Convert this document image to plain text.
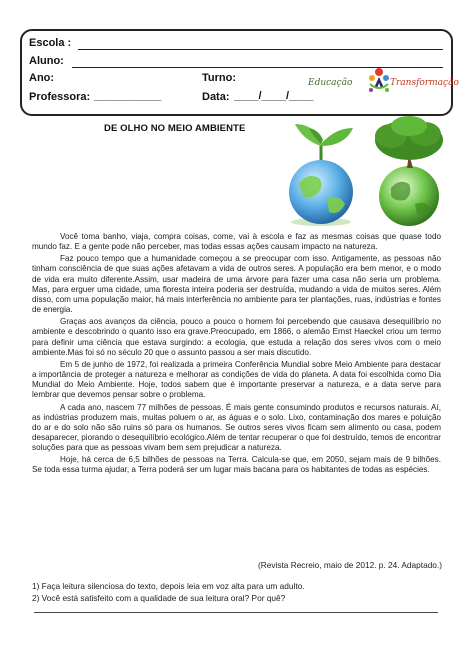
Escola :
Aluno:
Ano:	Turno:
Professora: ___________	Data: ____/____/____
Educação	Transformação
DE OLHO NO MEIO AMBIENTE

Você toma banho, viaja, compra coisas, come, vai à escola e faz as mesmas coisas que quase todo mundo faz. E a gente pode não perceber, mas todas essas ações causam impacto na natureza.

Faz pouco tempo que a humanidade começou a se preocupar com isso. Antigamente, as pessoas não tinham consciência de que suas ações afetavam a vida de outros seres. A população era bem menor, e o modo de vida era muito diferente.Assim, usar madeira de uma árvore para fazer uma casa não seria um problema. Mas, para erguer uma cidade, uma floresta inteira poderia ser destruída, mudando a vida de muitos seres. Além disso, com uma população maior, há mais interferência no ambiente para ter plantações, ruas, indústrias e fontes de energia.

Graças aos avanços da ciência, pouco a pouco o homem foi percebendo que causava desequilíbrio no ambiente e descobrindo o quanto isso era grave.Preocupado, em 1866, o alemão Ernst Haeckel criou um termo para definir uma ciência que estava surgindo: a ecologia, que estuda a relação dos seres vivos com o meio ambiente.Mas foi só no século 20 que o assunto passou a ser mais discutido.

Em 5 de junho de 1972, foi realizada a primeira Conferência Mundial sobre Meio Ambiente para destacar a importância de proteger a natureza e melhorar as condições de vida do planeta. A data foi escolhida como Dia Mundial do Meio Ambiente. Hoje, todos sabem que é importante preservar a natureza, e a data serve para lembrar que devemos pensar sobre o problema.

A cada ano, nascem 77 milhões de pessoas. É mais gente consumindo produtos e recursos naturais. Aí, as indústrias produzem mais, muitas poluem o ar, as águas e o solo. Lixo, contaminação dos mares e poluição do ar e do solo não são ruins só para os humanos. Se outros seres vivos ficam sem alimento ou casa, podem desaparecer, piorando o desequilíbrio ecológico.Além de tentar recuperar o que foi destruído, temos de encontrar soluções para que as pessoas vivam bem sem prejudicar a natureza.

Hoje, há cerca de 6,5 bilhões de pessoas na Terra. Calcula-se que, em 2050, sejam mais de 9 bilhões. Se toda essa turma ajudar, a Terra poderá ser um lugar mais bacana para os habitantes de todas as espécies.

(Revista Recreio, maio de 2012. p. 24. Adaptado.)
1) Faça leitura silenciosa do texto, depois leia em voz alta para um adulto.
2) Você está satisfeito com a qualidade de sua leitura oral? Por quê?
